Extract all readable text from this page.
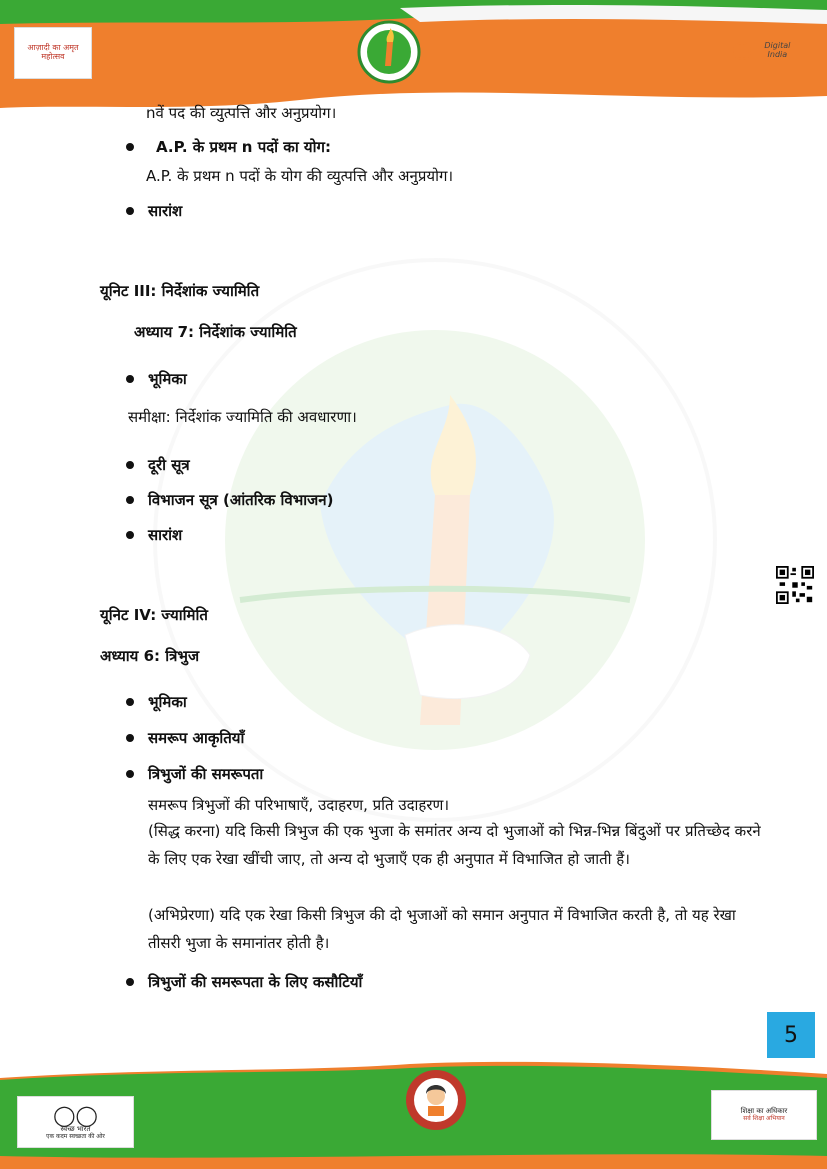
आज़ादी का अमृत महोत्सव
Digital India
nवें पद की व्युत्पत्ति और अनुप्रयोग।
A.P. के प्रथम n पदों का योग:
A.P. के प्रथम n पदों के योग की व्युत्पत्ति और अनुप्रयोग।
सारांश
यूनिट III: निर्देशांक ज्यामिति
अध्याय 7: निर्देशांक ज्यामिति
भूमिका
समीक्षा: निर्देशांक ज्यामिति की अवधारणा।
दूरी सूत्र
विभाजन सूत्र (आंतरिक विभाजन)
सारांश
यूनिट IV: ज्यामिति
अध्याय 6: त्रिभुज
भूमिका
समरूप आकृतियाँ
त्रिभुजों की समरूपता
समरूप त्रिभुजों की परिभाषाएँ, उदाहरण, प्रति उदाहरण।
(सिद्ध करना) यदि किसी त्रिभुज की एक भुजा के समांतर अन्य दो भुजाओं को भिन्न-भिन्न बिंदुओं पर प्रतिच्छेद करने के लिए एक रेखा खींची जाए, तो अन्य दो भुजाएँ एक ही अनुपात में विभाजित हो जाती हैं।
(अभिप्रेरणा) यदि एक रेखा किसी त्रिभुज की दो भुजाओं को समान अनुपात में विभाजित करती है, तो यह रेखा तीसरी भुजा के समानांतर होती है।
त्रिभुजों की समरूपता के लिए कसौटियाँ
5
◯◯
स्वच्छ भारत
एक कदम स्वच्छता की ओर
शिक्षा का अधिकार
सर्व शिक्षा अभियान
